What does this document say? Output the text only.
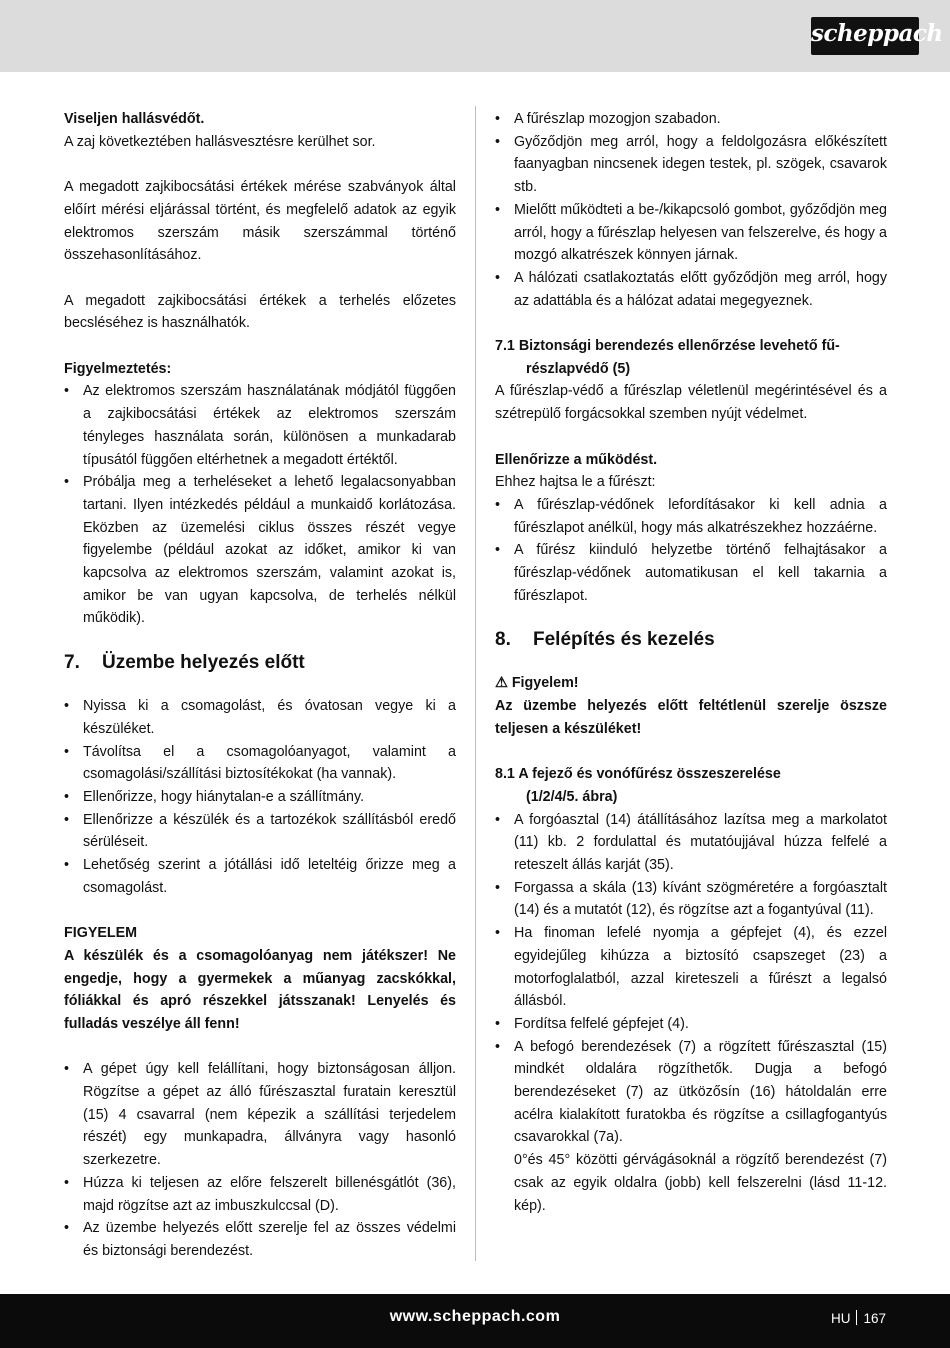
scheppach

Viseljen hallásvédőt.

A zaj következtében hallásvesztésre kerülhet sor.

A megadott zajkibocsátási értékek mérése szabványok által előírt mérési eljárással történt, és megfelelő adatok az egyik elektromos szerszám másik szerszámmal történő összehasonlításához.

A megadott zajkibocsátási értékek a terhelés előzetes becsléséhez is használhatók.

Figyelmeztetés:

• Az elektromos szerszám használatának módjától függően a zajkibocsátási értékek az elektromos szerszám tényleges használata során, különösen a munkadarab típusától függően eltérhetnek a megadott értéktől.
• Próbálja meg a terheléseket a lehető legalacsonyabban tartani. Ilyen intézkedés például a munkaidő korlátozása. Eközben az üzemelési ciklus összes részét vegye figyelembe (például azokat az időket, amikor ki van kapcsolva az elektromos szerszám, valamint azokat is, amikor be van ugyan kapcsolva, de terhelés nélkül működik).
7. Üzembe helyezés előtt
• Nyissa ki a csomagolást, és óvatosan vegye ki a készüléket.
• Távolítsa el a csomagolóanyagot, valamint a csomagolási/szállítási biztosítékokat (ha vannak).
• Ellenőrizze, hogy hiánytalan-e a szállítmány.
• Ellenőrizze a készülék és a tartozékok szállításból eredő sérüléseit.
• Lehetőség szerint a jótállási idő leteltéig őrizze meg a csomagolást.

FIGYELEM

A készülék és a csomagolóanyag nem játékszer! Ne engedje, hogy a gyermekek a műanyag zacskókkal, fóliákkal és apró részekkel játsszanak! Lenyelés és fulladás veszélye áll fenn!

• A gépet úgy kell felállítani, hogy biztonságosan álljon. Rögzítse a gépet az álló fűrészasztal furatain keresztül (15) 4 csavarral (nem képezik a szállítási terjedelem részét) egy munkapadra, állványra vagy hasonló szerkezetre.
• Húzza ki teljesen az előre felszerelt billenésgátlót (36), majd rögzítse azt az imbuszkulccsal (D).
• Az üzembe helyezés előtt szerelje fel az összes védelmi és biztonsági berendezést.
• A fűrészlap mozogjon szabadon.
• Győződjön meg arról, hogy a feldolgozásra előkészített faanyagban nincsenek idegen testek, pl. szögek, csavarok stb.
• Mielőtt működteti a be-/kikapcsoló gombot, győződjön meg arról, hogy a fűrészlap helyesen van felszerelve, és hogy a mozgó alkatrészek könnyen járnak.
• A hálózati csatlakoztatás előtt győződjön meg arról, hogy az adattábla és a hálózat adatai megegyeznek.

7.1 Biztonsági berendezés ellenőrzése levehető fű-
részlapvédő (5)

A fűrészlap-védő a fűrészlap véletlenül megérintésével és a szétrepülő forgácsokkal szemben nyújt védelmet.

Ellenőrizze a működést.

Ehhez hajtsa le a fűrészt:

• A fűrészlap-védőnek lefordításakor ki kell adnia a fűrészlapot anélkül, hogy más alkatrészekhez hozzáérne.
• A fűrész kiinduló helyzetbe történő felhajtásakor a fűrészlap-védőnek automatikusan el kell takarnia a fűrészlapot.
8. Felépítés és kezelés

⚠ Figyelem!

Az üzembe helyezés előtt feltétlenül szerelje öszsze teljesen a készüléket!

8.1 A fejező és vonófűrész összeszerelése
(1/2/4/5. ábra)

• A forgóasztal (14) átállításához lazítsa meg a markolatot (11) kb. 2 fordulattal és mutatóujjával húzza felfelé a reteszelt állás karját (35).
• Forgassa a skála (13) kívánt szögméretére a forgóasztalt (14) és a mutatót (12), és rögzítse azt a fogantyúval (11).
• Ha finoman lefelé nyomja a gépfejet (4), és ezzel egyidejűleg kihúzza a biztosító csapszeget (23) a motorfoglalatból, azzal kireteszeli a fűrészt a legalsó állásból.
• Fordítsa felfelé gépfejet (4).
• A befogó berendezések (7) a rögzített fűrészasztal (15) mindkét oldalára rögzíthetők. Dugja a befogó berendezéseket (7) az ütközősín (16) hátoldalán erre acélra kialakított furatokba és rögzítse a csillagfogantyús csavarokkal (7a).

0°és 45° közötti gérvágásoknál a rögzítő berendezést (7) csak az egyik oldalra (jobb) kell felszerelni (lásd 11-12. kép).

www.scheppach.com	HU 167
